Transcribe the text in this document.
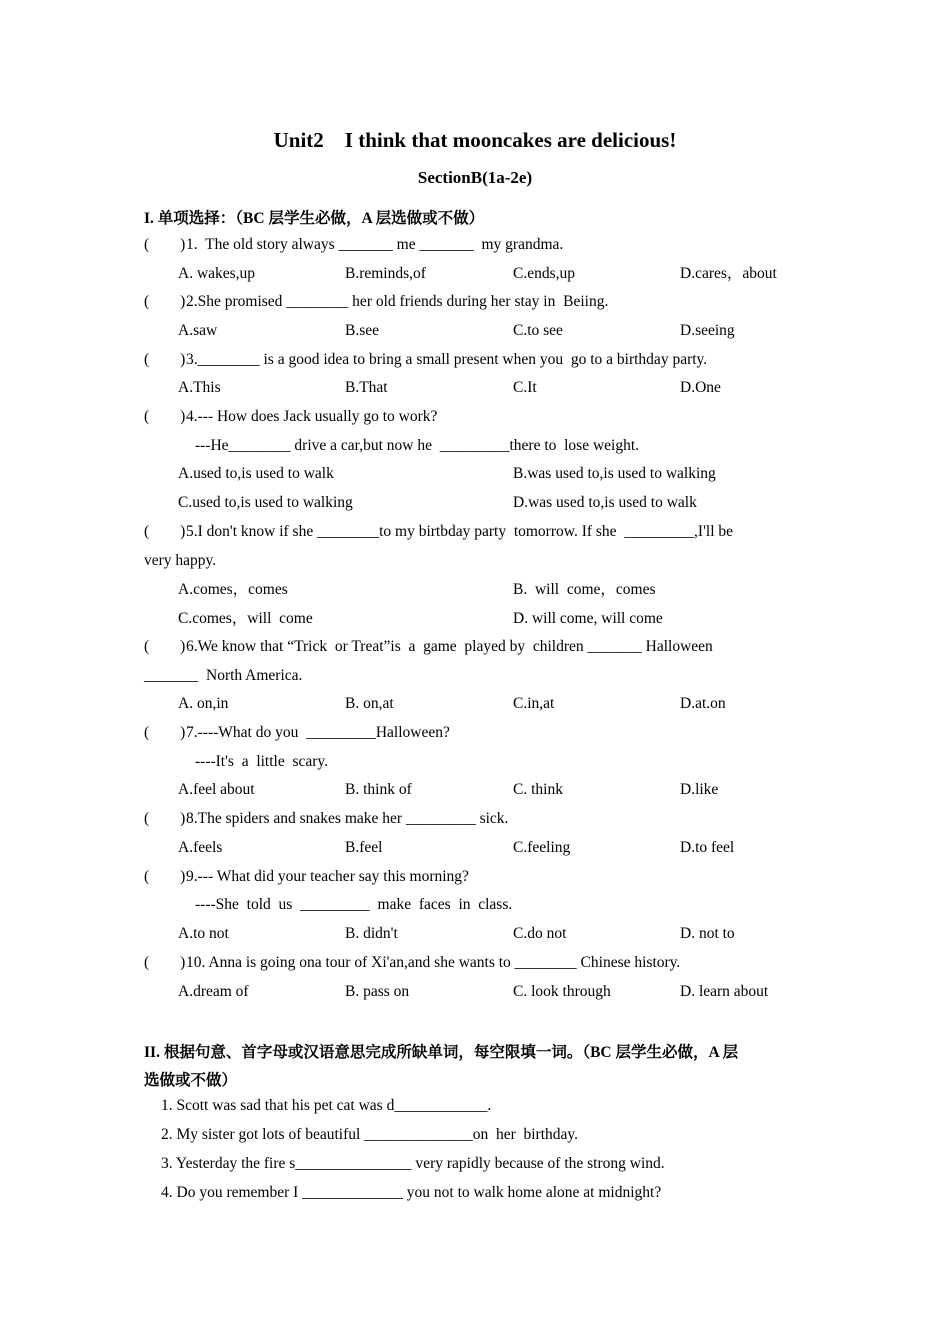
Unit2    I think that mooncakes are delicious!
SectionB(1a-2e)
I. 单项选择：（BC 层学生必做，A 层选做或不做）
(        ) 1.  The old story always _______ me _______  my grandma.
A. wakes,up	B.reminds,of	C.ends,up	D.cares，about
(        ) 2.She promised ________ her old friends during her stay in  Beiing.
A.saw	B.see	C.to see	D.seeing
(        ) 3.________ is a good idea to bring a small present when you  go to a birthday party.
A.This	B.That	C.It	D.One
(        ) 4.--- How does Jack usually go to work?
---He________ drive a car,but now he  _________there to  lose weight.
A.used to,is used to walk	B.was used to,is used to walking
C.used to,is used to walking	D.was used to,is used to walk
(        ) 5.I don't know if she ________to my birtbday party  tomorrow. If she  _________,I'll be
very happy.
A.comes，comes	B.  will  come，comes
C.comes，will  come	D. will come, will come
(        ) 6.We know that “Trick  or Treat”is  a  game  played by  children _______ Halloween
_______  North America.
A. on,in	B. on,at	C.in,at	D.at.on
(        ) 7.----What do you  _________Halloween?
----It's  a  little  scary.
A.feel about	B. think of	C. think	D.like
(        ) 8.The spiders and snakes make her _________ sick.
A.feels	B.feel	C.feeling	D.to feel
(        ) 9.--- What did your teacher say this morning?
----She  told  us  _________  make  faces  in  class.
A.to not	B. didn't	C.do not	D. not to
(        ) 10. Anna is going ona tour of Xi'an,and she wants to ________ Chinese history.
A.dream of	B. pass on	C. look through	D. learn about
II. 根据句意、首字母或汉语意思完成所缺单词，每空限填一词。（BC 层学生必做，A 层
选做或不做）
1. Scott was sad that his pet cat was d____________.
2. My sister got lots of beautiful ______________on  her  birthday.
3. Yesterday the fire s_______________ very rapidly because of the strong wind.
4. Do you remember I _____________ you not to walk home alone at midnight?
